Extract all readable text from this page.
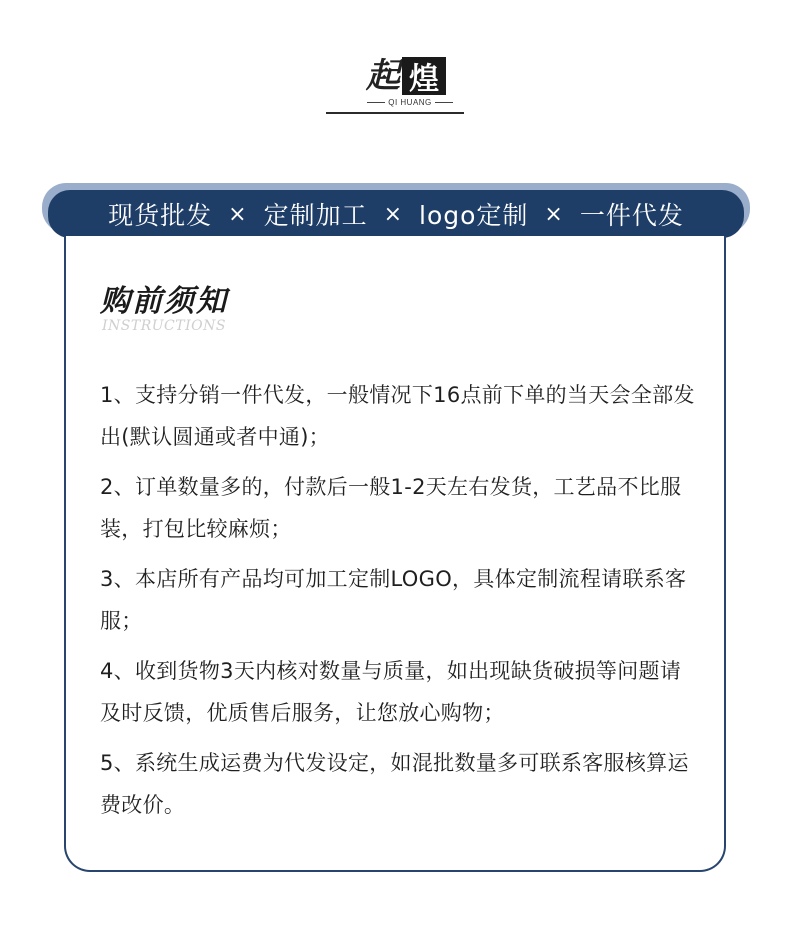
起 煌
QI HUANG
现货批发 × 定制加工 × logo定制 × 一件代发
购前须知
INSTRUCTIONS

1、支持分销一件代发，一般情况下16点前下单的当天会全部发出(默认圆通或者中通)；

2、订单数量多的，付款后一般1-2天左右发货，工艺品不比服装，打包比较麻烦；

3、本店所有产品均可加工定制LOGO，具体定制流程请联系客服；

4、收到货物3天内核对数量与质量，如出现缺货破损等问题请及时反馈，优质售后服务，让您放心购物；

5、系统生成运费为代发设定，如混批数量多可联系客服核算运费改价。
